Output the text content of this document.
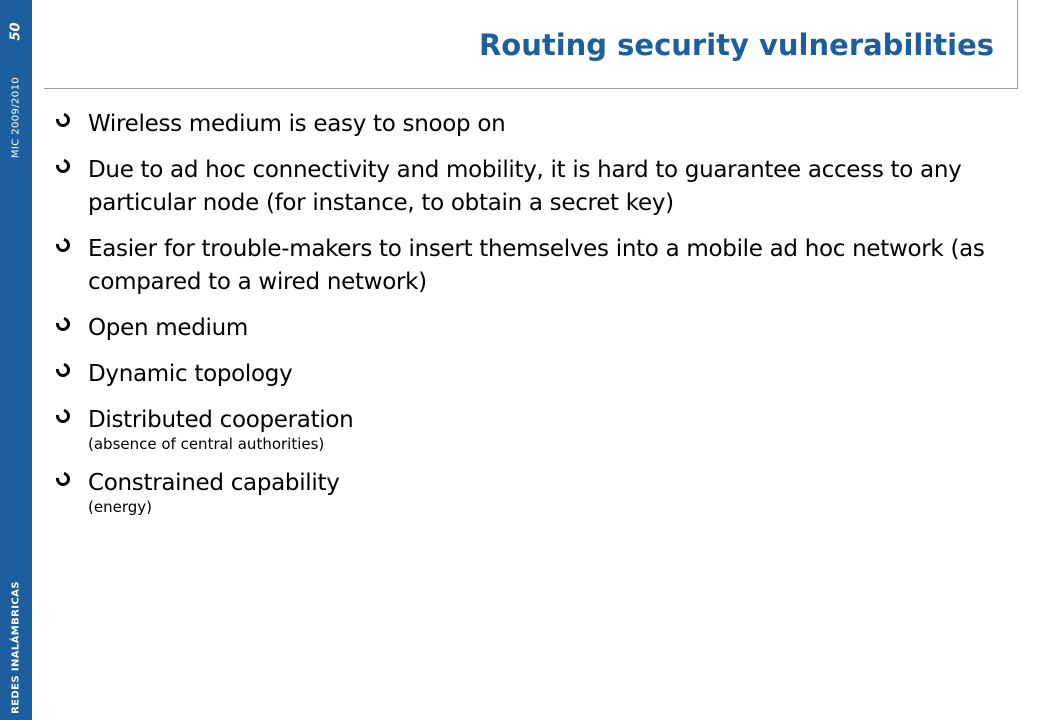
REDES INALÁMBRICAS
MIC 2009/2010
50	Routing security vulnerabilities
Wireless medium is easy to snoop on
Due to ad hoc connectivity and mobility, it is hard to guarantee access to any particular node (for instance, to obtain a secret key)
Easier for trouble-makers to insert themselves into a mobile ad hoc network (as compared to a wired network)
Open medium
Dynamic topology
Distributed cooperation
(absence of central authorities)
Constrained capability
(energy)
